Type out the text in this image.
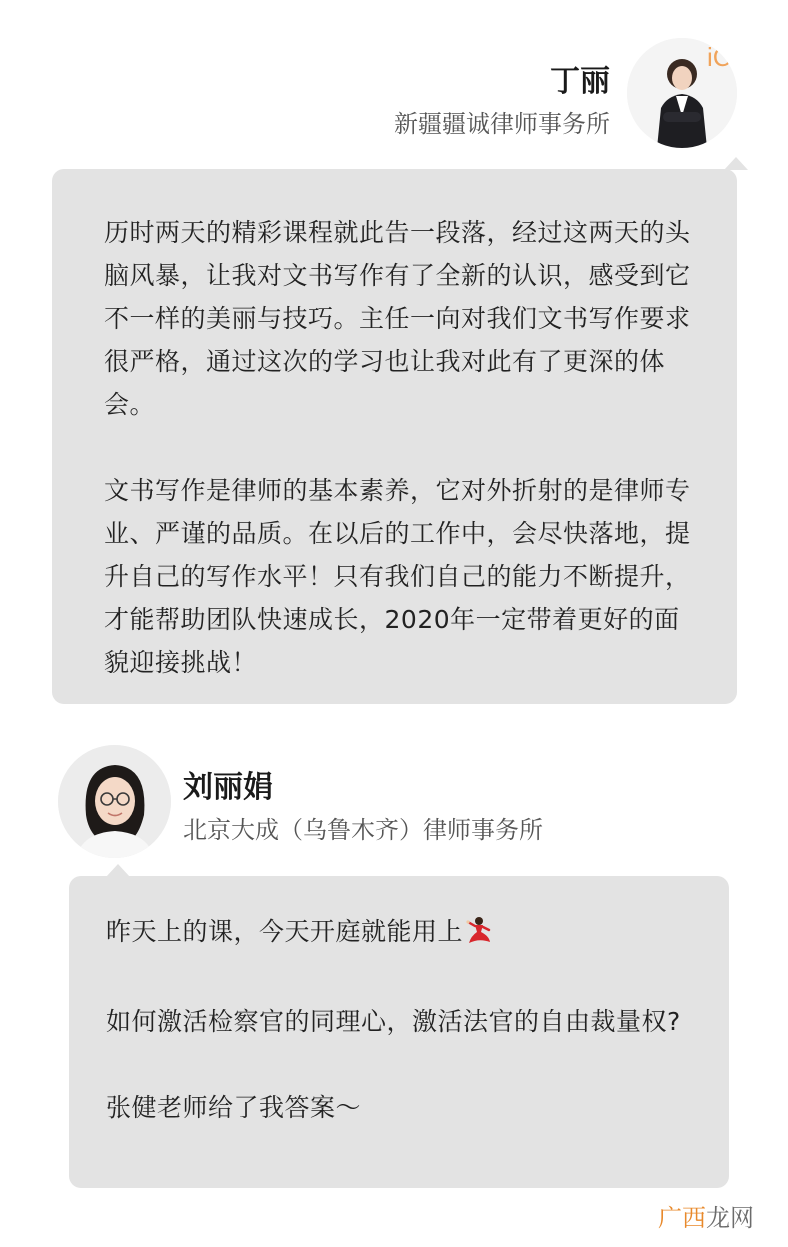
iC
丁丽
新疆疆诚律师事务所

历时两天的精彩课程就此告一段落，经过这两天的头脑风暴，让我对文书写作有了全新的认识，感受到它不一样的美丽与技巧。主任一向对我们文书写作要求很严格，通过这次的学习也让我对此有了更深的体会。

文书写作是律师的基本素养，它对外折射的是律师专业、严谨的品质。在以后的工作中，会尽快落地，提升自己的写作水平！只有我们自己的能力不断提升，才能帮助团队快速成长，2020年一定带着更好的面貌迎接挑战！

刘丽娟
北京大成（乌鲁木齐）律师事务所

昨天上的课，今天开庭就能用上

如何激活检察官的同理心，激活法官的自由裁量权?

张健老师给了我答案～

广西龙网
